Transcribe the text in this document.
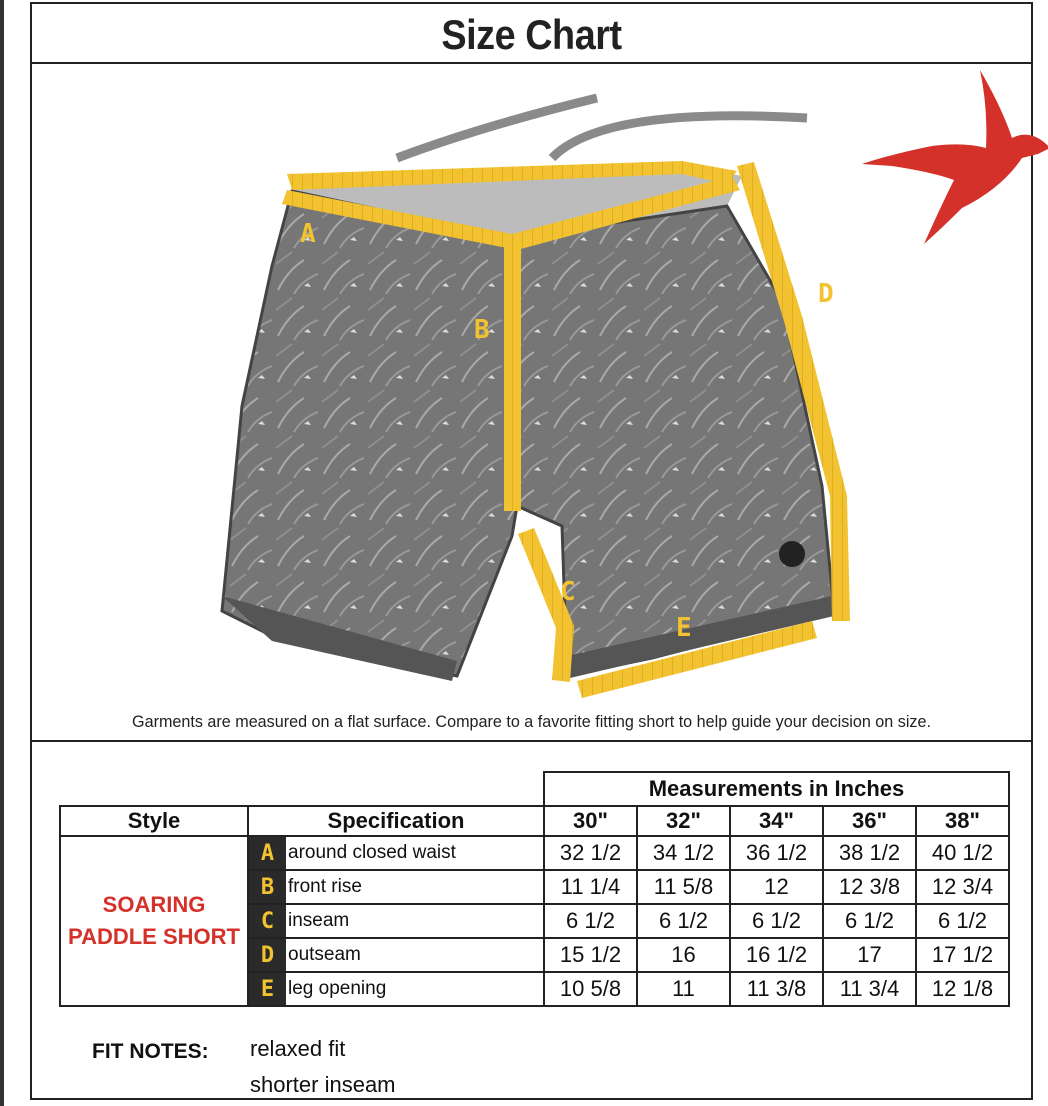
Size Chart
A
B
C
D
E
Garments are measured on a flat surface. Compare to a favorite fitting short to help guide your decision on size.
			Measurements in Inches				
Style	Specification		30"	32"	34"	36"	38"
SOARING
PADDLE SHORT	A	around closed waist	32 1/2	34 1/2	36 1/2	38 1/2	40 1/2
	B	front rise	11 1/4	11 5/8	12	12 3/8	12 3/4
	C	inseam	6 1/2	6 1/2	6 1/2	6 1/2	6 1/2
	D	outseam	15 1/2	16	16 1/2	17	17 1/2
	E	leg opening	10 5/8	11	11 3/8	11 3/4	12 1/8
FIT NOTES: relaxed fit
shorter inseam
